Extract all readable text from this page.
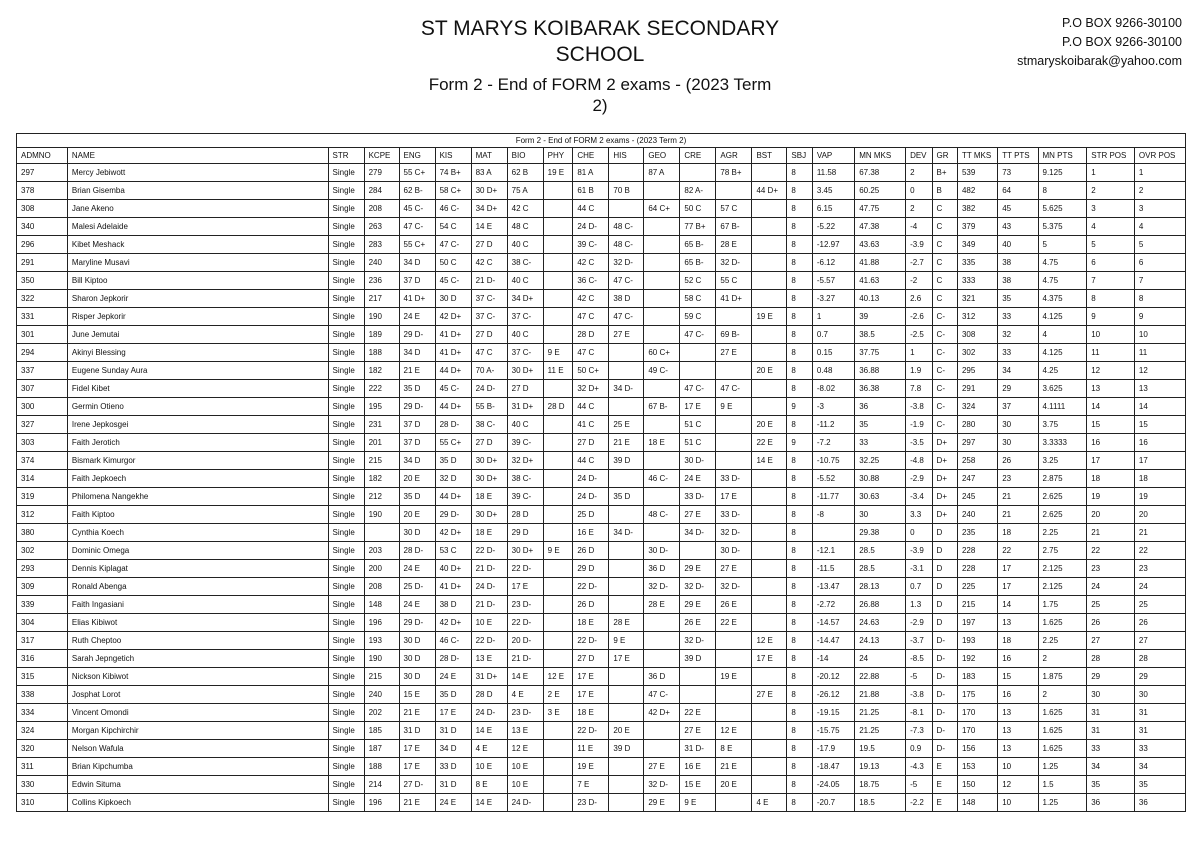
ST MARYS KOIBARAK SECONDARY
SCHOOL
Form 2 - End of FORM 2 exams - (2023 Term
2)
P.O BOX 9266-30100
P.O BOX 9266-30100
stmaryskoibarak@yahoo.com
Form 2 - End of FORM 2 exams - (2023 Term 2)																								
ADMNO	NAME	STR	KCPE	ENG	KIS	MAT	BIO	PHY	CHE	HIS	GEO	CRE	AGR	BST	SBJ	VAP	MN MKS	DEV	GR	TT MKS	TT PTS	MN PTS	STR POS	OVR POS
297	Mercy Jebiwott	Single	279	55 C+	74 B+	83 A	62 B	19 E	81 A		87 A		78 B+		8	11.58	67.38	2	B+	539	73	9.125	1	1
378	Brian Gisemba	Single	284	62 B-	58 C+	30 D+	75 A		61 B	70 B		82 A-		44 D+	8	3.45	60.25	0	B	482	64	8	2	2
308	Jane Akeno	Single	208	45 C-	46 C-	34 D+	42 C		44 C		64 C+	50 C	57 C		8	6.15	47.75	2	C	382	45	5.625	3	3
340	Malesi Adelaide	Single	263	47 C-	54 C	14 E	48 C		24 D-	48 C-		77 B+	67 B-		8	-5.22	47.38	-4	C	379	43	5.375	4	4
296	Kibet Meshack	Single	283	55 C+	47 C-	27 D	40 C		39 C-	48 C-		65 B-	28 E		8	-12.97	43.63	-3.9	C	349	40	5	5	5
291	Maryline Musavi	Single	240	34 D	50 C	42 C	38 C-		42 C	32 D-		65 B-	32 D-		8	-6.12	41.88	-2.7	C	335	38	4.75	6	6
350	Bill Kiptoo	Single	236	37 D	45 C-	21 D-	40 C		36 C-	47 C-		52 C	55 C		8	-5.57	41.63	-2	C	333	38	4.75	7	7
322	Sharon Jepkorir	Single	217	41 D+	30 D	37 C-	34 D+		42 C	38 D		58 C	41 D+		8	-3.27	40.13	2.6	C	321	35	4.375	8	8
331	Risper Jepkorir	Single	190	24 E	42 D+	37 C-	37 C-		47 C	47 C-		59 C		19 E	8	1	39	-2.6	C-	312	33	4.125	9	9
301	June Jemutai	Single	189	29 D-	41 D+	27 D	40 C		28 D	27 E		47 C-	69 B-		8	0.7	38.5	-2.5	C-	308	32	4	10	10
294	Akinyi Blessing	Single	188	34 D	41 D+	47 C	37 C-	9 E	47 C		60 C+		27 E		8	0.15	37.75	1	C-	302	33	4.125	11	11
337	Eugene Sunday Aura	Single	182	21 E	44 D+	70 A-	30 D+	11 E	50 C+		49 C-			20 E	8	0.48	36.88	1.9	C-	295	34	4.25	12	12
307	Fidel Kibet	Single	222	35 D	45 C-	24 D-	27 D		32 D+	34 D-		47 C-	47 C-		8	-8.02	36.38	7.8	C-	291	29	3.625	13	13
300	Germin Otieno	Single	195	29 D-	44 D+	55 B-	31 D+	28 D	44 C		67 B-	17 E	9 E		9	-3	36	-3.8	C-	324	37	4.1111	14	14
327	Irene Jepkosgei	Single	231	37 D	28 D-	38 C-	40 C		41 C	25 E		51 C		20 E	8	-11.2	35	-1.9	C-	280	30	3.75	15	15
303	Faith Jerotich	Single	201	37 D	55 C+	27 D	39 C-		27 D	21 E	18 E	51 C		22 E	9	-7.2	33	-3.5	D+	297	30	3.3333	16	16
374	Bismark Kimurgor	Single	215	34 D	35 D	30 D+	32 D+		44 C	39 D		30 D-		14 E	8	-10.75	32.25	-4.8	D+	258	26	3.25	17	17
314	Faith Jepkoech	Single	182	20 E	32 D	30 D+	38 C-		24 D-		46 C-	24 E	33 D-		8	-5.52	30.88	-2.9	D+	247	23	2.875	18	18
319	Philomena Nangekhe	Single	212	35 D	44 D+	18 E	39 C-		24 D-	35 D		33 D-	17 E		8	-11.77	30.63	-3.4	D+	245	21	2.625	19	19
312	Faith Kiptoo	Single	190	20 E	29 D-	30 D+	28 D		25 D		48 C-	27 E	33 D-		8	-8	30	3.3	D+	240	21	2.625	20	20
380	Cynthia Koech	Single		30 D	42 D+	18 E	29 D		16 E	34 D-		34 D-	32 D-		8		29.38	0	D	235	18	2.25	21	21
302	Dominic Omega	Single	203	28 D-	53 C	22 D-	30 D+	9 E	26 D		30 D-		30 D-		8	-12.1	28.5	-3.9	D	228	22	2.75	22	22
293	Dennis Kiplagat	Single	200	24 E	40 D+	21 D-	22 D-		29 D		36 D	29 E	27 E		8	-11.5	28.5	-3.1	D	228	17	2.125	23	23
309	Ronald Abenga	Single	208	25 D-	41 D+	24 D-	17 E		22 D-		32 D-	32 D-	32 D-		8	-13.47	28.13	0.7	D	225	17	2.125	24	24
339	Faith Ingasiani	Single	148	24 E	38 D	21 D-	23 D-		26 D		28 E	29 E	26 E		8	-2.72	26.88	1.3	D	215	14	1.75	25	25
304	Elias Kibiwot	Single	196	29 D-	42 D+	10 E	22 D-		18 E	28 E		26 E	22 E		8	-14.57	24.63	-2.9	D	197	13	1.625	26	26
317	Ruth Cheptoo	Single	193	30 D	46 C-	22 D-	20 D-		22 D-	9 E		32 D-		12 E	8	-14.47	24.13	-3.7	D-	193	18	2.25	27	27
316	Sarah Jepngetich	Single	190	30 D	28 D-	13 E	21 D-		27 D	17 E		39 D		17 E	8	-14	24	-8.5	D-	192	16	2	28	28
315	Nickson Kibiwot	Single	215	30 D	24 E	31 D+	14 E	12 E	17 E		36 D		19 E		8	-20.12	22.88	-5	D-	183	15	1.875	29	29
338	Josphat Lorot	Single	240	15 E	35 D	28 D	4 E	2 E	17 E		47 C-			27 E	8	-26.12	21.88	-3.8	D-	175	16	2	30	30
334	Vincent Omondi	Single	202	21 E	17 E	24 D-	23 D-	3 E	18 E		42 D+	22 E			8	-19.15	21.25	-8.1	D-	170	13	1.625	31	31
324	Morgan Kipchirchir	Single	185	31 D	31 D	14 E	13 E		22 D-	20 E		27 E	12 E		8	-15.75	21.25	-7.3	D-	170	13	1.625	31	31
320	Nelson Wafula	Single	187	17 E	34 D	4 E	12 E		11 E	39 D		31 D-	8 E		8	-17.9	19.5	0.9	D-	156	13	1.625	33	33
311	Brian Kipchumba	Single	188	17 E	33 D	10 E	10 E		19 E		27 E	16 E	21 E		8	-18.47	19.13	-4.3	E	153	10	1.25	34	34
330	Edwin Situma	Single	214	27 D-	31 D	8 E	10 E		7 E		32 D-	15 E	20 E		8	-24.05	18.75	-5	E	150	12	1.5	35	35
310	Collins Kipkoech	Single	196	21 E	24 E	14 E	24 D-		23 D-		29 E	9 E		4 E	8	-20.7	18.5	-2.2	E	148	10	1.25	36	36
